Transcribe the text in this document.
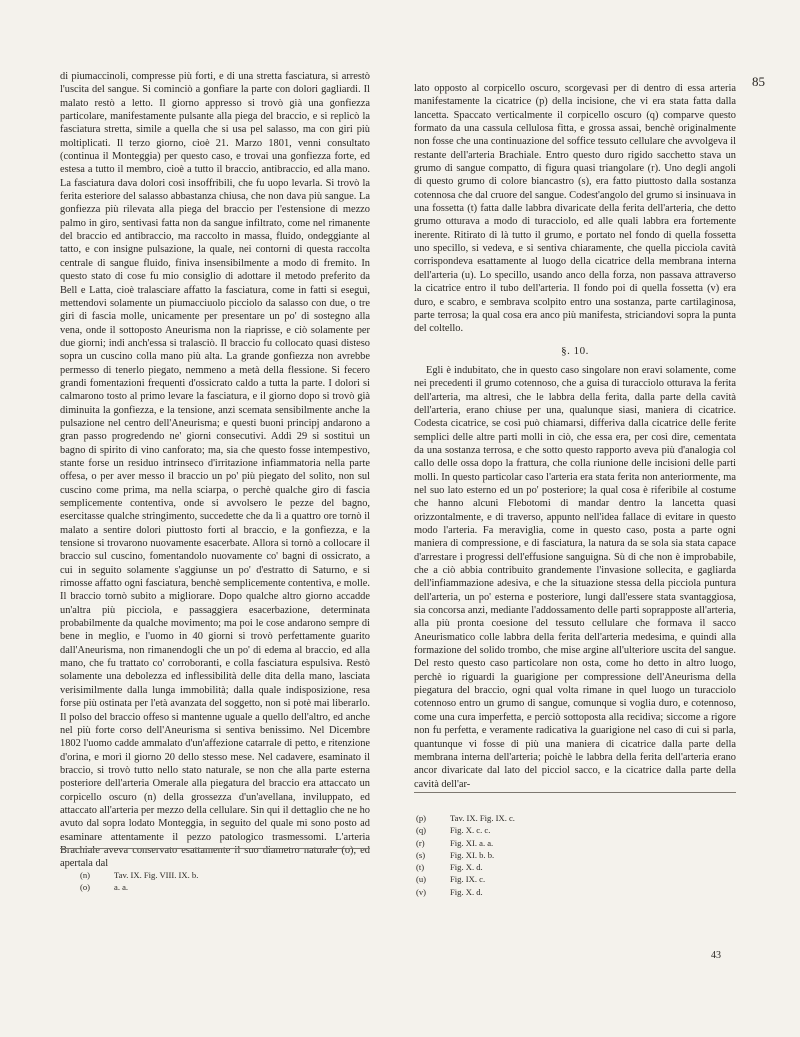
85

di piumaccinoli, compresse più forti, e di una stretta fasciatura, si arrestò l'uscita del sangue. Si cominciò a gonfiare la parte con dolori gagliardi. Il malato restò a letto. Il giorno appresso si trovò già una gonfiezza particolare, manifestamente pulsante alla piega del braccio, e si replicò la fasciatura stretta, simile a quella che si usa pel salasso, ma con giri più moltiplicati. Il terzo giorno, cioè 21. Marzo 1801, venni consultato (continua il Monteggia) per questo caso, e trovai una gonfiezza forte, ed estesa a tutto il membro, cioè a tutto il braccio, antibraccio, ed alla mano. La fasciatura dava dolori così insoffribili, che fu uopo levarla. Si trovò la ferita esteriore del salasso abbastanza chiusa, che non dava più sangue. La gonfiezza più rilevata alla piega del braccio per l'estensione di mezzo palmo in giro, sentivasi fatta non da sangue infiltrato, come nel rimanente del braccio ed antibraccio, ma raccolto in massa, fluido, ondeggiante al tatto, e con insigne pulsazione, la quale, nei contorni di questa raccolta centrale di sangue fluido, finiva insensibilmente a modo di fremito. In questo stato di cose fu mio consiglio di adottare il metodo preferito da Bell e Latta, cioè tralasciare affatto la fasciatura, come in fatti si eseguì, mettendovi solamente un piumacciuolo picciolo da salasso con due, o tre giri di fascia molle, unicamente per presentare un po' di sostegno alla vena, onde il sottoposto Aneurisma non la riaprisse, e ciò solamente per due giorni; indi anch'essa si tralasciò. Il braccio fu collocato quasi disteso sopra un cuscino colla mano più alta. La grande gonfiezza non avrebbe permesso di tenerlo piegato, nemmeno a metà della flessione. Si fecero grandi fomentazioni frequenti d'ossicrato caldo a tutta la parte. I dolori si calmarono tosto al primo levare la fasciatura, e il giorno dopo si trovò già diminuita la gonfiezza, e la tensione, anzi scemata sensibilmente anche la pulsazione nel centro dell'Aneurisma; e questi buoni principj andarono a gran passo progredendo ne' giorni consecutivi. Addì 29 si sostituì un bagno di spirito di vino canforato; ma, sia che questo fosse intempestivo, stante forse un residuo intrinseco d'irritazione infiammatoria nella parte offesa, o per aver messo il braccio un po' più piegato del solito, non sul cuscino come prima, ma nella sciarpa, o perchè qualche giro di fascia semplicemente contentiva, onde si avvolsero le pezze del bagno, esercitasse qualche stringimento, succedette che da lì a quattro ore tornò il malato a sentire dolori piuttosto forti al braccio, e la gonfiezza, e la tensione si trovarono nuovamente esacerbate. Allora si tornò a collocare il braccio sul cuscino, fomentandolo nuovamente co' bagni di ossicrato, a cui in seguito solamente s'aggiunse un po' d'estratto di Saturno, e si rimosse affatto ogni fasciatura, benchè semplicemente contentiva, e molle. Il braccio tornò subito a migliorare. Dopo qualche altro giorno accadde un'altra più picciola, e passaggiera esacerbazione, determinata probabilmente da qualche movimento; ma poi le cose andarono sempre di bene in meglio, e l'uomo in 40 giorni si trovò perfettamente guarito dall'Aneurisma, non rimanendogli che un po' di edema al braccio, ed alla mano, che fu trattato co' corroboranti, e colla fasciatura espulsiva. Restò solamente una debolezza ed inflessibilità delle dita della mano, lasciata verisimilmente dalla lunga immobilità; dalla quale indisposizione, resa forse più ostinata per l'età avanzata del soggetto, non si potè mai liberarlo. Il polso del braccio offeso si mantenne uguale a quello dell'altro, ed anche nel più forte corso dell'Aneurisma si sentiva benissimo. Nel Dicembre 1802 l'uomo cadde ammalato d'un'affezione catarrale di petto, e ritenzione d'orina, e morì il giorno 20 dello stesso mese. Nel cadavere, esaminato il braccio, si trovò tutto nello stato naturale, se non che alla parte esterna posteriore dell'arteria Omerale alla piegatura del braccio era attaccato un corpicello oscuro (n) della grossezza d'un'avellana, inviluppato, ed attaccato all'arteria per mezzo della cellulare. Sin qui il dettaglio che ne ho avuto dal sopra lodato Monteggia, in seguito del quale mi sono posto ad esaminare attentamente il pezzo patologico trasmessomi. L'arteria Brachiale aveva conservato esattamente il suo diametro naturale (o), ed apertala dal

lato opposto al corpicello oscuro, scorgevasi per di dentro di essa arteria manifestamente la cicatrice (p) della incisione, che vi era stata fatta dalla lancetta. Spaccato verticalmente il corpicello oscuro (q) comparve questo formato da una cassula cellulosa fitta, e grossa assai, benchè originalmente non fosse che una continuazione del soffice tessuto cellulare che avvolgeva il restante dell'arteria Brachiale. Entro questo duro rigido sacchetto stava un grumo di sangue compatto, di figura quasi triangolare (r). Uno degli angoli di questo grumo di colore biancastro (s), era fatto piuttosto dalla sostanza cotennosa che dal cruore del sangue. Codest'angolo del grumo si insinuava in una fossetta (t) fatta dalle labbra divaricate della ferita dell'arteria, che detto grumo otturava a modo di turacciolo, ed alle quali labbra era fortemente inerente. Ritirato di là tutto il grumo, e portato nel fondo di quella fossetta uno specillo, si vedeva, e si sentiva chiaramente, che quella picciola cavità corrispondeva esattamente al luogo della cicatrice della membrana interna dell'arteria (u). Lo specillo, usando anco della forza, non passava attraverso la cicatrice entro il tubo dell'arteria. Il fondo poi di quella fossetta (v) era duro, e scabro, e sembrava scolpito entro una sostanza, parte cartilaginosa, parte terrosa; la qual cosa era anco più manifesta, striciandovi sopra la punta del coltello.

§. 10.

Egli è indubitato, che in questo caso singolare non eravi solamente, come nei precedenti il grumo cotennoso, che a guisa di turacciolo otturava la ferita dell'arteria, ma altresì, che le labbra della ferita, dalla parte della cavità dell'arteria, erano chiuse per una, qualunque siasi, maniera di cicatrice. Codesta cicatrice, se così può chiamarsi, differiva dalla cicatrice delle ferite semplici delle altre parti molli in ciò, che essa era, per così dire, cementata da una sostanza terrosa, e che sotto questo rapporto aveva più d'analogia col callo delle ossa dopo la frattura, che colla riunione delle incisioni delle parti molli. In questo particolar caso l'arteria era stata ferita non anteriormente, ma nel suo lato esterno ed un po' posteriore; la qual cosa è riferibile al costume che hanno alcuni Flebotomi di mandar dentro la lancetta quasi orizzontalmente, e di traverso, appunto nell'idea fallace di evitare in questo modo l'arteria. Fa meraviglia, come in questo caso, posta a parte ogni maniera di compressione, e di fasciatura, la natura da se sola sia stata capace d'arrestare i progressi dell'effusione sanguigna. Sù di che non è improbabile, che a ciò abbia contribuito grandemente l'invasione sollecita, e gagliarda dell'infiammazione adesiva, e che la situazione stessa della picciola puntura dell'arteria, un po' esterna e posteriore, lungi dall'essere stata svantaggiosa, sia concorsa anzi, mediante l'addossamento delle parti soprapposte all'arteria, alla più pronta coesione del tessuto cellulare che formava il sacco Aneurismatico colle labbra della ferita dell'arteria medesima, e quindi alla formazione del solido trombo, che mise argine all'ulteriore uscita del sangue. Del resto questo caso particolare non osta, come ho detto in altro luogo, perchè io riguardi la guarigione per compressione dell'Aneurisma della piegatura del braccio, ogni qual volta rimane in quel luogo un turacciolo cotennoso entro un grumo di sangue, comunque si voglia duro, e cotennoso, come una cura imperfetta, e perciò sottoposta alla recidiva; siccome a rigore non fu perfetta, e veramente radicativa la guarigione nel caso di cui si parla, quantunque vi fosse di più una maniera di cicatrice dalla parte della membrana interna dell'arteria; poichè le labbra della ferita dell'arteria erano ancor divaricate dal lato del picciol sacco, e la cicatrice dalla parte della cavità dell'ar-

(n)	Tav. IX. Fig. VIII. IX. b.
(o)	a. a.
(p)	Tav. IX. Fig. IX. c.
(q)	Fig. X. c. c.
(r)	Fig. XI. a. a.
(s)	Fig. XI. b. b.
(t)	Fig. X. d.
(u)	Fig. IX. c.
(v)	Fig. X. d.
43
